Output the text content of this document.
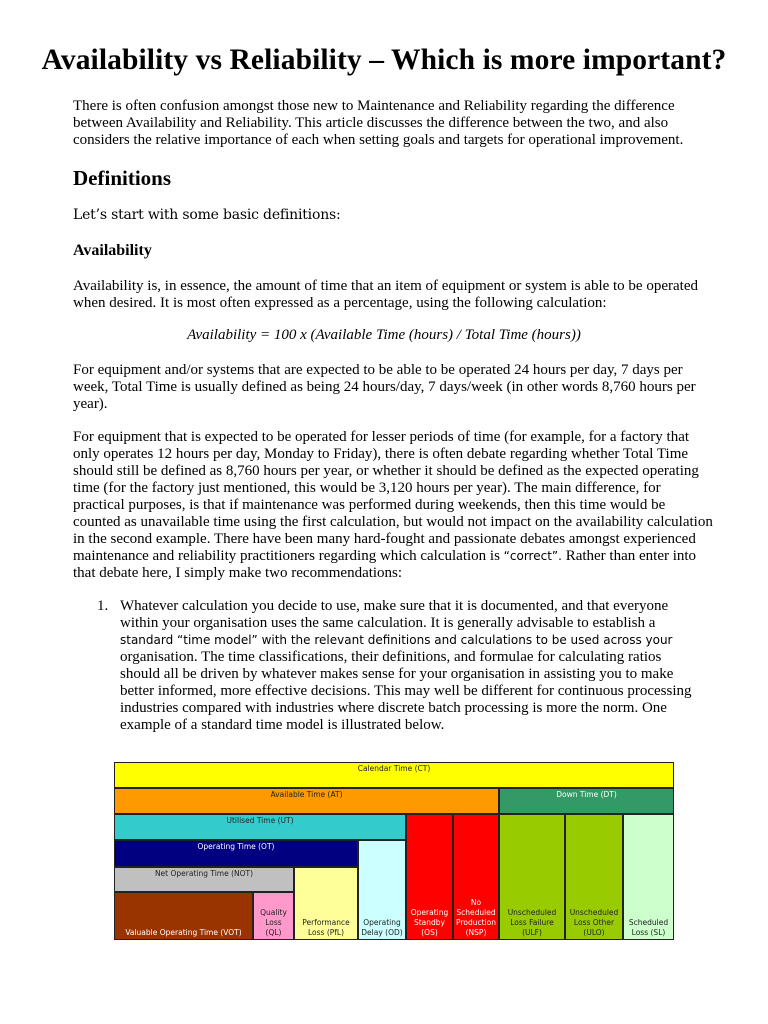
Availability vs Reliability – Which is more important?

There is often confusion amongst those new to Maintenance and Reliability regarding the difference between Availability and Reliability. This article discusses the difference between the two, and also considers the relative importance of each when setting goals and targets for operational improvement.

Definitions

Let’s start with some basic definitions:

Availability

Availability is, in essence, the amount of time that an item of equipment or system is able to be operated when desired. It is most often expressed as a percentage, using the following calculation:

Availability = 100 x (Available Time (hours) / Total Time (hours))

For equipment and/or systems that are expected to be able to be operated 24 hours per day, 7 days per week, Total Time is usually defined as being 24 hours/day, 7 days/week (in other words 8,760 hours per year).

For equipment that is expected to be operated for lesser periods of time (for example, for a factory that only operates 12 hours per day, Monday to Friday), there is often debate regarding whether Total Time should still be defined as 8,760 hours per year, or whether it should be defined as the expected operating time (for the factory just mentioned, this would be 3,120 hours per year). The main difference, for practical purposes, is that if maintenance was performed during weekends, then this time would be counted as unavailable time using the first calculation, but would not impact on the availability calculation in the second example. There have been many hard-fought and passionate debates amongst experienced maintenance and reliability practitioners regarding which calculation is “correct”. Rather than enter into that debate here, I simply make two recommendations:

1. Whatever calculation you decide to use, make sure that it is documented, and that everyone within your organisation uses the same calculation. It is generally advisable to establish a standard “time model” with the relevant definitions and calculations to be used across your organisation. The time classifications, their definitions, and formulae for calculating ratios should all be driven by whatever makes sense for your organisation in assisting you to make better informed, more effective decisions. This may well be different for continuous processing industries compared with industries where discrete batch processing is more the norm. One example of a standard time model is illustrated below.

Calendar Time (CT)
Available Time (AT)	Down Time (DT)
Utilised Time (UT)
Operating Time (OT)
Net Operating Time (NOT)
Valuable Operating Time (VOT)
Quality
Loss
(QL)
Performance
Loss (PfL)
Operating
Delay (OD)
Operating
Standby
(OS)
No
Scheduled
Production
(NSP)
Unscheduled
Loss Failure
(ULF)
Unscheduled
Loss Other
(ULO)
Scheduled
Loss (SL)
